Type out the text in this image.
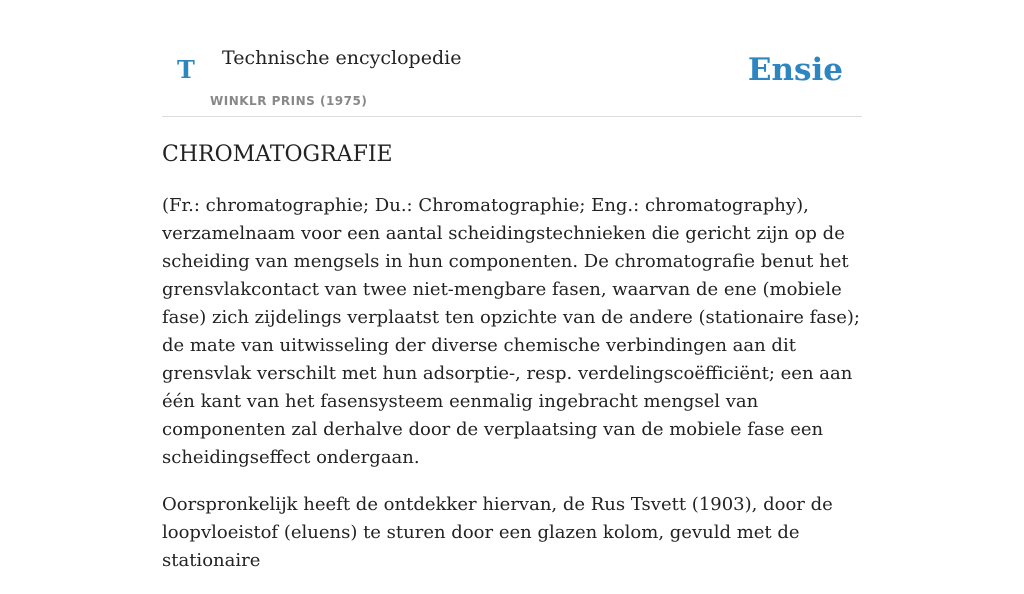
T Technische encyclopedie
WINKLR PRINS (1975)
Ensie
CHROMATOGRAFIE

(Fr.: chromatographie; Du.: Chromatographie; Eng.: chromatography), verzamelnaam voor een aantal scheidingstechnieken die gericht zijn op de scheiding van mengsels in hun componenten. De chromatografie benut het grensvlakcontact van twee niet-mengbare fasen, waarvan de ene (mobiele fase) zich zijdelings verplaatst ten opzichte van de andere (stationaire fase); de mate van uitwisseling der diverse chemische verbindingen aan dit grensvlak verschilt met hun adsorptie-, resp. verdelingscoëfficiënt; een aan één kant van het fasensysteem eenmalig ingebracht mengsel van componenten zal derhalve door de verplaatsing van de mobiele fase een scheidingseffect ondergaan.

Oorspronkelijk heeft de ontdekker hiervan, de Rus Tsvett (1903), door de loopvloeistof (eluens) te sturen door een glazen kolom, gevuld met de stationaire
